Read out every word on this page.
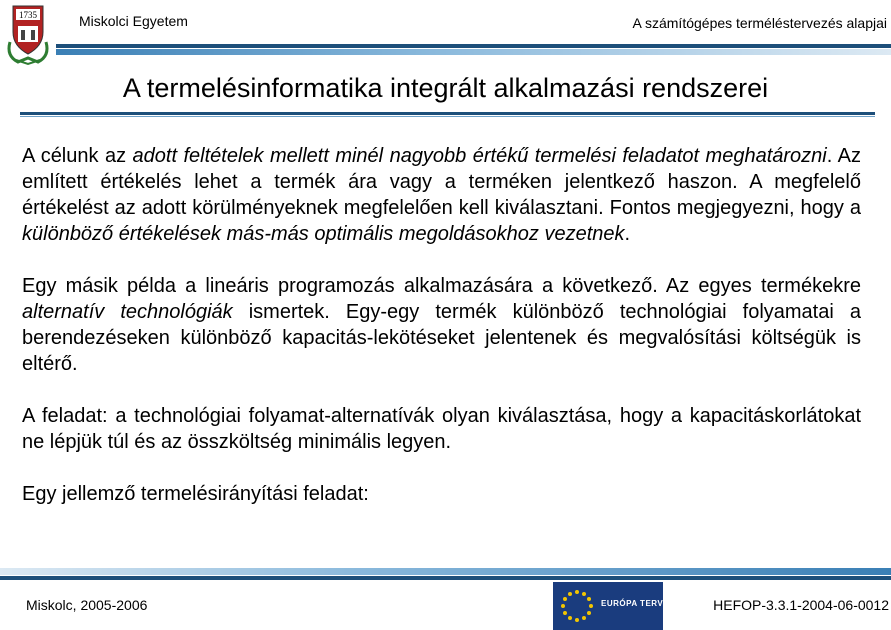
1735	Miskolci Egyetem	A számítógépes terméléstervezés alapjai
A termelésinformatika integrált alkalmazási rendszerei

A célunk az adott feltételek mellett minél nagyobb értékű termelési feladatot meghatározni. Az említett értékelés lehet a termék ára vagy a terméken jelentkező haszon. A megfelelő értékelést az adott körülményeknek megfelelően kell kiválasztani. Fontos megjegyezni, hogy a különböző értékelések más-más optimális megoldásokhoz vezetnek.

Egy másik példa a lineáris programozás alkalmazására a következő. Az egyes termékekre alternatív technológiák ismertek. Egy-egy termék különböző technológiai folyamatai a berendezéseken különböző kapacitás-lekötéseket jelentenek és megvalósítási költségük is eltérő.

A feladat: a technológiai folyamat-alternatívák olyan kiválasztása, hogy a kapacitáskorlátokat ne lépjük túl és az összköltség minimális legyen.

Egy jellemző termelésirányítási feladat:

Miskolc, 2005-2006	EURÓPA TERV	HEFOP-3.3.1-2004-06-0012
